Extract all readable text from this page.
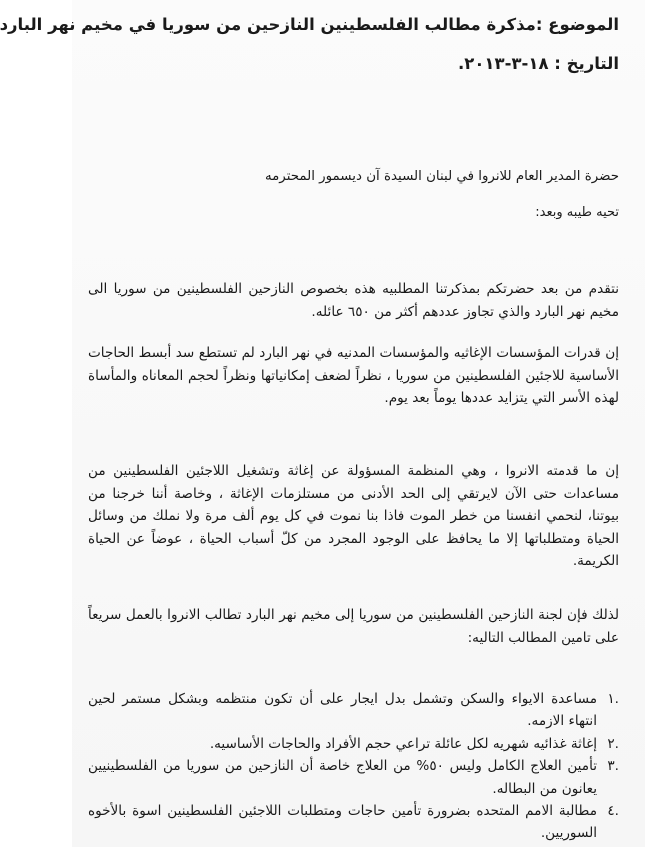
الموضوع :مذكرة مطالب الفلسطينين النازحين من سوريا في مخيم نهر البارد
التاريخ : ١٨-٣-٢٠١٣.

حضرة المدير العام للانروا في لبنان السيدة آن ديسمور المحترمه

تحيه طيبه وبعد:

نتقدم من بعد حضرتكم بمذكرتنا المطلبيه هذه بخصوص النازحين الفلسطينين من سوريا الى مخيم نهر البارد والذي تجاوز عددهم أكثر من ٦٥٠ عائله.

إن قدرات المؤسسات الإغاثيه والمؤسسات المدنيه في نهر البارد لم تستطع سد أبسط الحاجات الأساسية للاجئين الفلسطينين من سوريا ، نظراً لضعف إمكانياتها ونظراً لحجم المعاناه والمأساة لهذه الأسر التي يتزايد عددها يوماً بعد يوم.

إن ما قدمته الانروا ، وهي المنظمة المسؤولة عن إغاثة وتشغيل اللاجئين الفلسطينين من مساعدات حتى الآن لايرتقي إلى الحد الأدنى من مستلزمات الإغاثة ، وخاصة أننا خرجنا من بيوتنا، لنحمي انفسنا من خطر الموت فاذا بنا نموت في كل يوم ألف مرة ولا نملك من وسائل الحياة ومتطلباتها إلا ما يحافظ على الوجود المجرد من كلّ أسباب الحياة ، عوضاً عن الحياة الكريمة.

لذلك فإن لجنة النازحين الفلسطينين من سوريا إلى مخيم نهر البارد تطالب الانروا بالعمل سريعاً على تامين المطالب التاليه:

.١
مساعدة الايواء والسكن وتشمل بدل ايجار على أن تكون منتظمه وبشكل مستمر لحين انتهاء الازمه.
.٢
إغاثة غذائيه شهريه لكل عائلة تراعي حجم الأفراد والحاجات الأساسيه.
.٣
تأمين العلاج الكامل وليس ٥٠% من العلاج خاصة أن النازحين من سوريا من الفلسطينيين يعانون من البطاله.
.٤
مطالبة الامم المتحده بضرورة تأمين حاجات ومتطلبات اللاجئين الفلسطينين اسوة بالأخوه السوريين.
